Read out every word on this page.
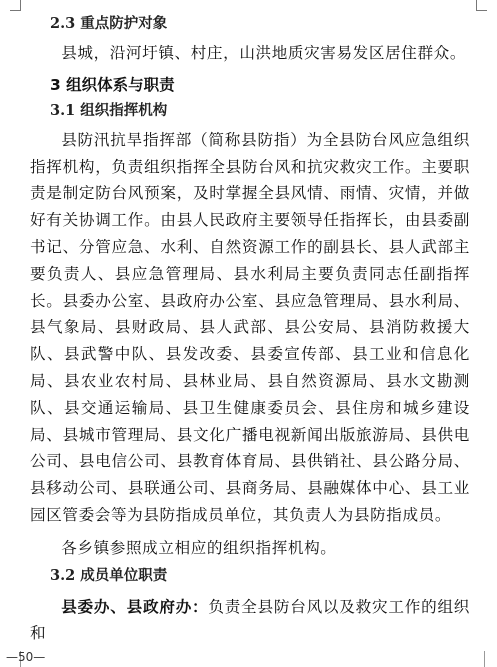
2.3 重点防护对象

县城，沿河圩镇、村庄，山洪地质灾害易发区居住群众。

3 组织体系与职责
3.1 组织指挥机构

县防汛抗旱指挥部（简称县防指）为全县防台风应急组织指挥机构，负责组织指挥全县防台风和抗灾救灾工作。主要职责是制定防台风预案，及时掌握全县风情、雨情、灾情，并做好有关协调工作。由县人民政府主要领导任指挥长，由县委副书记、分管应急、水利、自然资源工作的副县长、县人武部主要负责人、县应急管理局、县水利局主要负责同志任副指挥长。县委办公室、县政府办公室、县应急管理局、县水利局、县气象局、县财政局、县人武部、县公安局、县消防救援大队、县武警中队、县发改委、县委宣传部、县工业和信息化局、县农业农村局、县林业局、县自然资源局、县水文勘测队、县交通运输局、县卫生健康委员会、县住房和城乡建设局、县城市管理局、县文化广播电视新闻出版旅游局、县供电公司、县电信公司、县教育体育局、县供销社、县公路分局、县移动公司、县联通公司、县商务局、县融媒体中心、县工业园区管委会等为县防指成员单位，其负责人为县防指成员。

各乡镇参照成立相应的组织指挥机构。

3.2 成员单位职责

县委办、县政府办：负责全县防台风以及救灾工作的组织和

—50—
